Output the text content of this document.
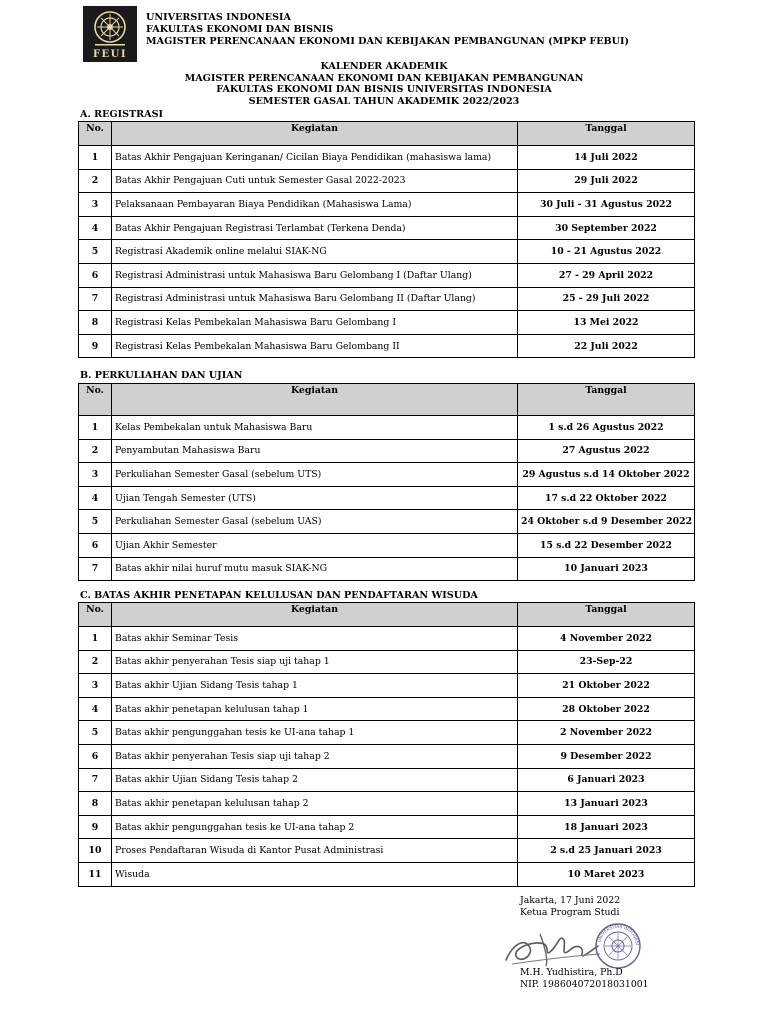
FEUI
UNIVERSITAS INDONESIA
FAKULTAS EKONOMI DAN BISNIS
MAGISTER PERENCANAAN EKONOMI DAN KEBIJAKAN PEMBANGUNAN (MPKP FEBUI)
KALENDER AKADEMIK
MAGISTER PERENCANAAN EKONOMI DAN KEBIJAKAN PEMBANGUNAN
FAKULTAS EKONOMI DAN BISNIS UNIVERSITAS INDONESIA
SEMESTER GASAL TAHUN AKADEMIK 2022/2023
A. REGISTRASI
No.	Kegiatan	Tanggal
1	Batas Akhir Pengajuan Keringanan/ Cicilan Biaya Pendidikan (mahasiswa lama)	14 Juli 2022
2	Batas Akhir Pengajuan Cuti untuk Semester Gasal 2022-2023	29 Juli 2022
3	Pelaksanaan Pembayaran Biaya Pendidikan (Mahasiswa Lama)	30 Juli - 31 Agustus 2022
4	Batas Akhir Pengajuan Registrasi Terlambat (Terkena Denda)	30 September 2022
5	Registrasi Akademik online melalui SIAK-NG	10 - 21 Agustus 2022
6	Registrasi Administrasi untuk Mahasiswa Baru Gelombang I (Daftar Ulang)	27 - 29 April 2022
7	Registrasi Administrasi untuk Mahasiswa Baru Gelombang II (Daftar Ulang)	25 - 29 Juli 2022
8	Registrasi Kelas Pembekalan Mahasiswa Baru Gelombang I	13 Mei 2022
9	Registrasi Kelas Pembekalan Mahasiswa Baru Gelombang II	22 Juli 2022
B. PERKULIAHAN DAN UJIAN
No.	Kegiatan	Tanggal
1	Kelas Pembekalan untuk Mahasiswa Baru	1 s.d 26 Agustus 2022
2	Penyambutan Mahasiswa Baru	27 Agustus 2022
3	Perkuliahan Semester Gasal (sebelum UTS)	29 Agustus s.d 14 Oktober 2022
4	Ujian Tengah Semester (UTS)	17 s.d 22 Oktober 2022
5	Perkuliahan Semester Gasal (sebelum UAS)	24 Oktober s.d 9 Desember 2022
6	Ujian Akhir Semester	15 s.d 22 Desember 2022
7	Batas akhir nilai huruf mutu masuk SIAK-NG	10 Januari 2023
C. BATAS AKHIR PENETAPAN KELULUSAN DAN PENDAFTARAN WISUDA
No.	Kegiatan	Tanggal
1	Batas akhir Seminar Tesis	4 November 2022
2	Batas akhir penyerahan Tesis siap uji tahap 1	23-Sep-22
3	Batas akhir Ujian Sidang Tesis tahap 1	21 Oktober 2022
4	Batas akhir penetapan kelulusan tahap 1	28 Oktober 2022
5	Batas akhir pengunggahan tesis ke UI-ana tahap 1	2 November 2022
6	Batas akhir penyerahan Tesis siap uji tahap 2	9 Desember 2022
7	Batas akhir Ujian Sidang Tesis tahap 2	6 Januari 2023
8	Batas akhir penetapan kelulusan tahap 2	13 Januari 2023
9	Batas akhir pengunggahan tesis ke UI-ana tahap 2	18 Januari 2023
10	Proses Pendaftaran Wisuda di Kantor Pusat Administrasi	2 s.d 25 Januari 2023
11	Wisuda	10 Maret 2023
Jakarta, 17 Juni 2022
Ketua Program Studi
UNIVERSITAS INDONESI
M.H. Yudhistira, Ph.D
NIP. 198604072018031001
